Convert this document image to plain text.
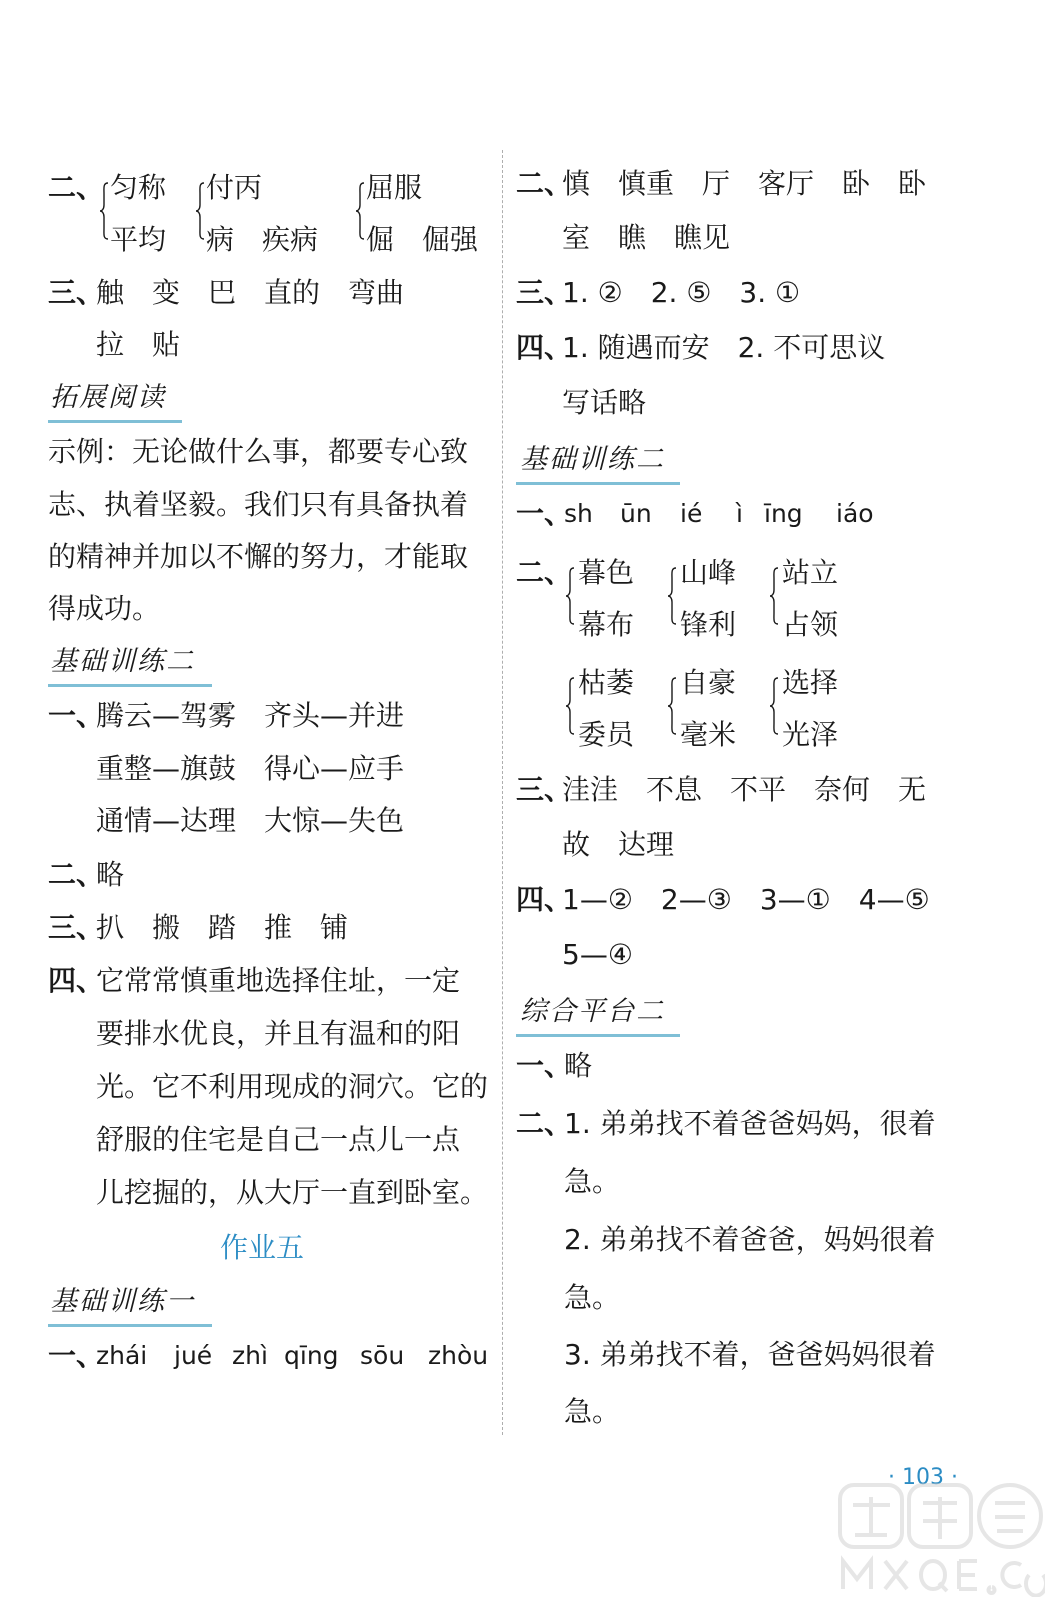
二、 匀称
平均
付丙
病　疾病
屈服
倔　倔强
三、
触　变　巴　直的　弯曲
拉　贴
拓展阅读
示例：无论做什么事，都要专心致
志、执着坚毅。我们只有具备执着
的精神并加以不懈的努力，才能取
得成功。
基础训练二
一、
腾云—驾雾　齐头—并进
重整—旗鼓　得心—应手
通情—达理　大惊—失色
二、
略
三、
扒　搬　踏　推　铺
四、
它常常慎重地选择住址，一定
要排水优良，并且有温和的阳
光。它不利用现成的洞穴。它的
舒服的住宅是自己一点儿一点
儿挖掘的，从大厅一直到卧室。
作业五
基础训练一
一、
zhái jué zhì qīng sōu zhòu
二、
慎　慎重　厅　客厅　卧　卧
室　瞧　瞧见
三、
1. ②　2. ⑤　3. ①
四、
1. 随遇而安　2. 不可思议
写话略
基础训练二
一、
sh ūn ié ì īng iáo
二、 暮色
幕布
山峰
锋利
站立
占领
枯萎
委员
自豪
毫米
选择
光泽
三、
洼洼　不息　不平　奈何　无
故　达理
四、
1—②　2—③　3—①　4—⑤
5—④
综合平台二
一、
略
二、
1. 弟弟找不着爸爸妈妈，很着
急。
2. 弟弟找不着爸爸，妈妈很着
急。
3. 弟弟找不着，爸爸妈妈很着
急。
· 103 ·
